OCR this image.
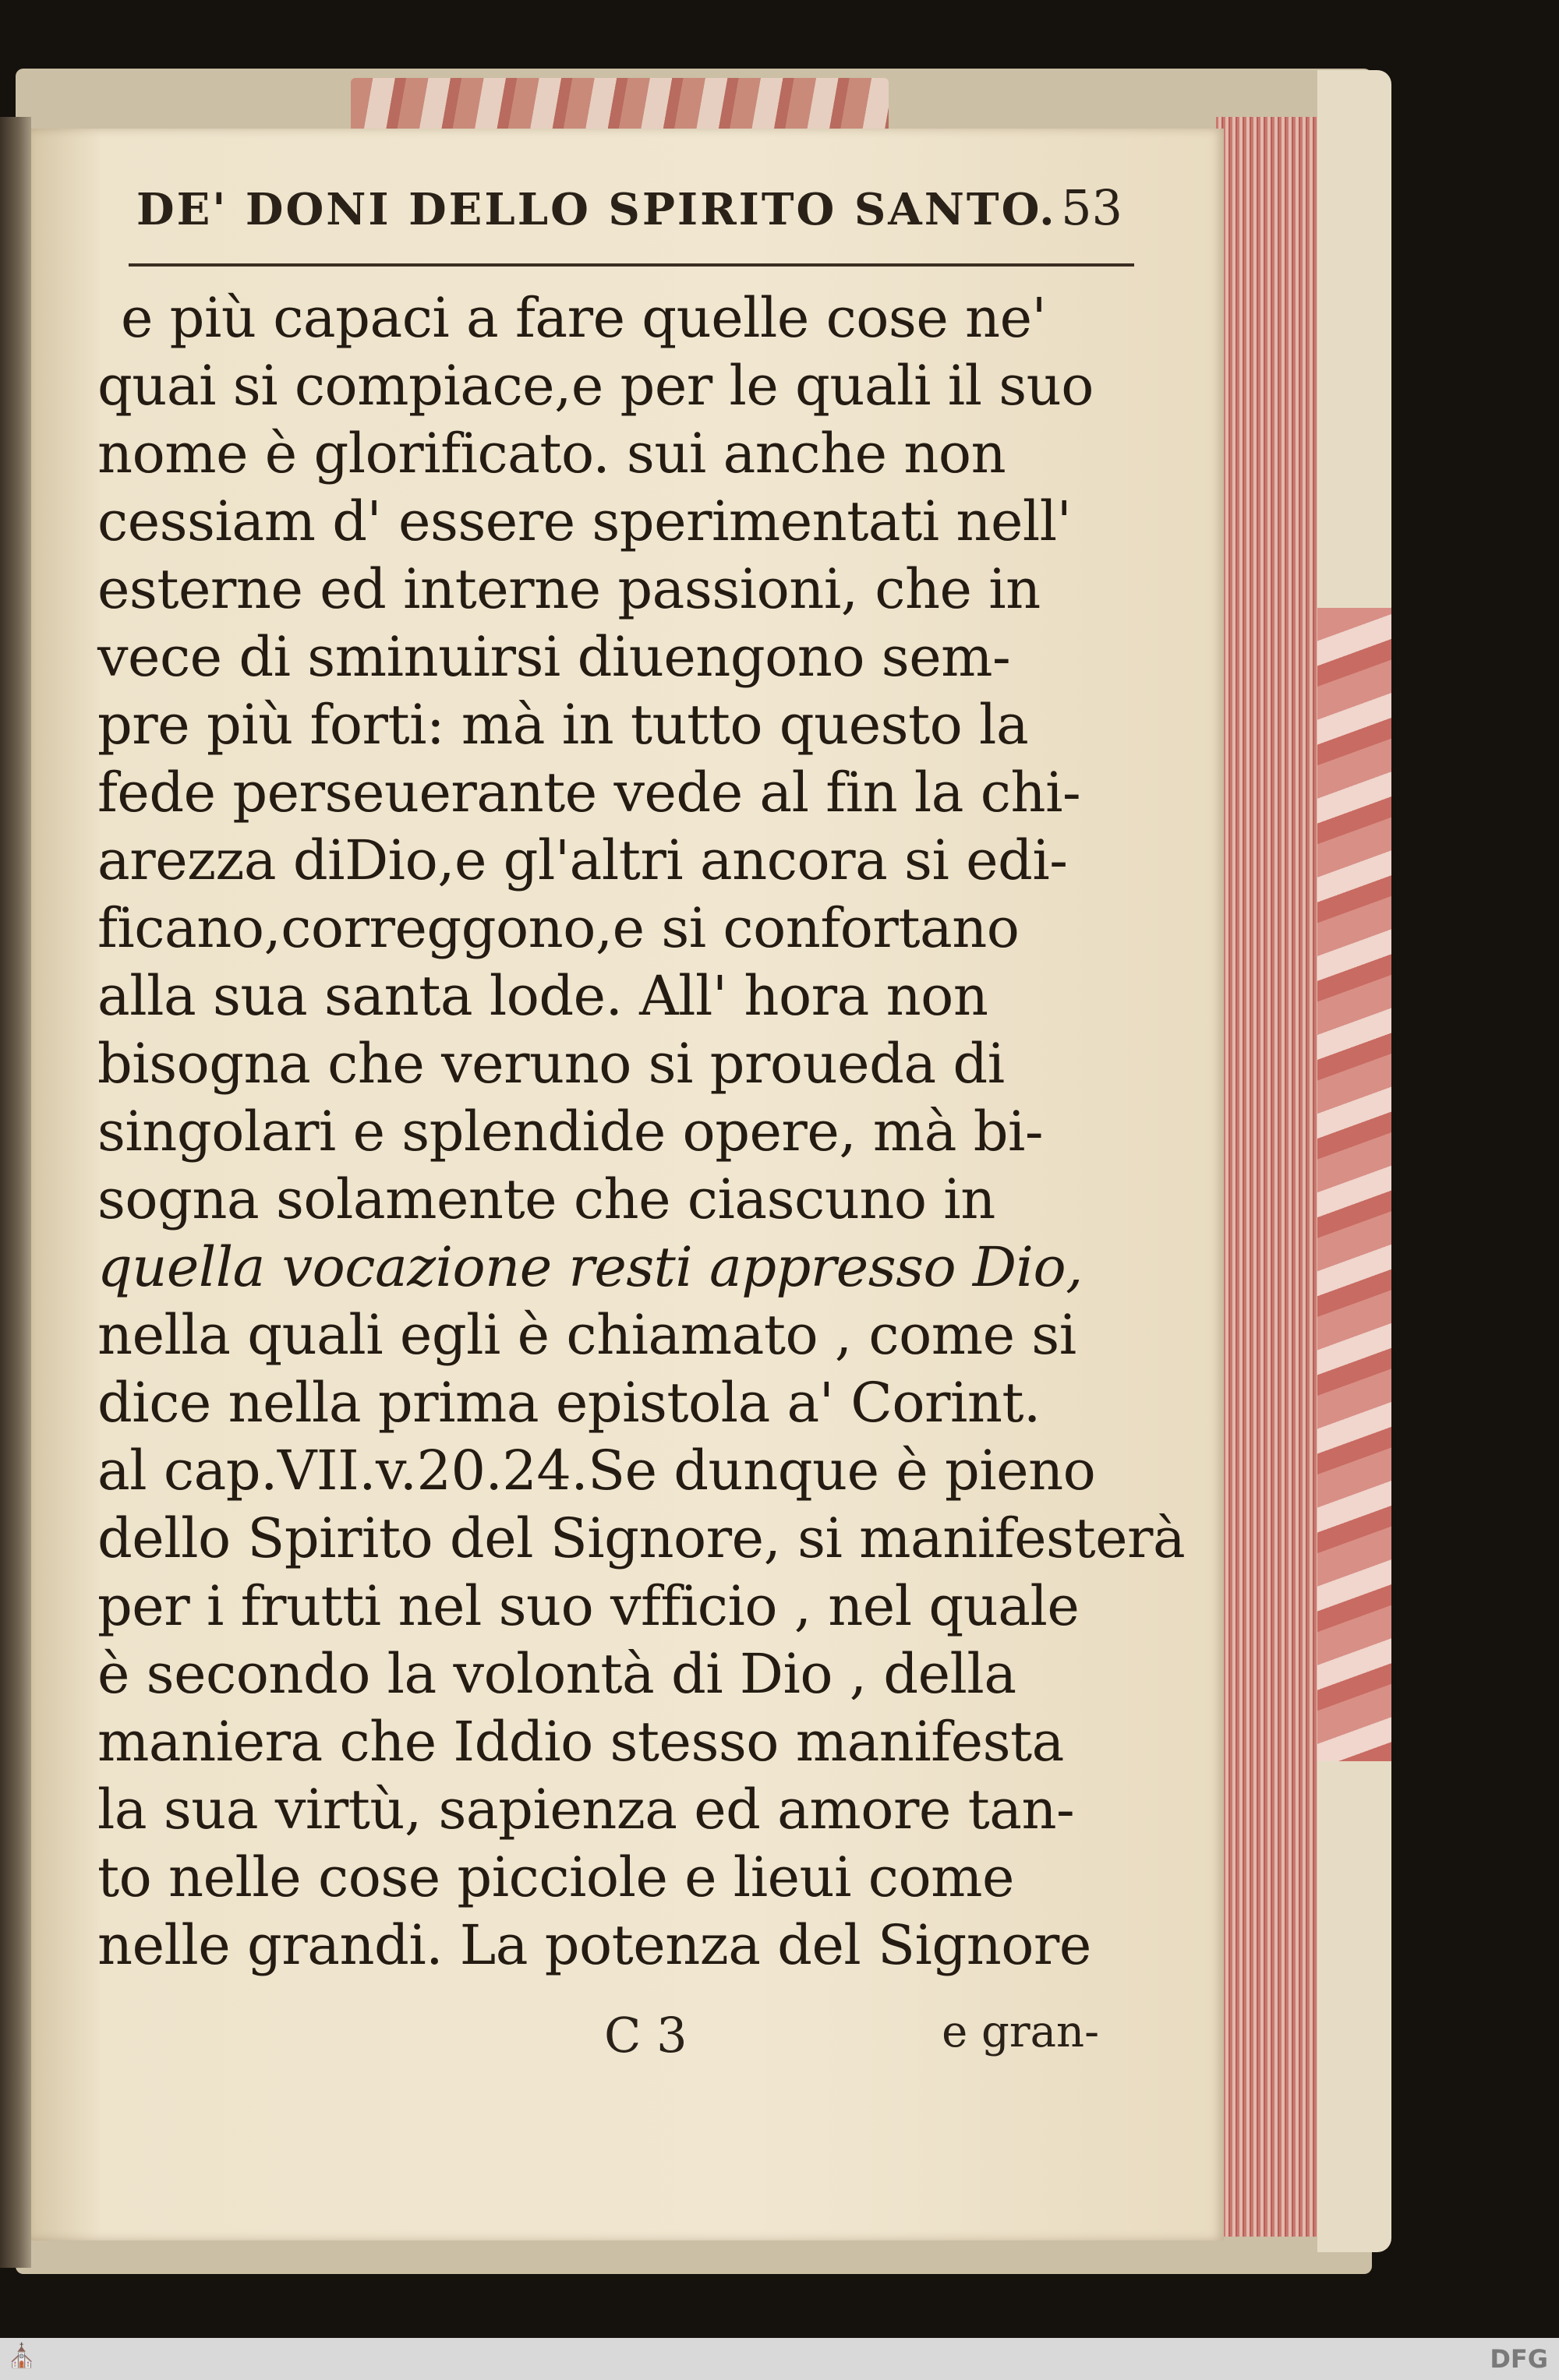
DE' DONI DELLO SPIRITO SANTO. 53
e più capaci a fare quelle cose ne'
quai si compiace,e per le quali il suo
nome è glorificato. sui anche non
cessiam d' essere sperimentati nell'
esterne ed interne passioni, che in
vece di sminuirsi diuengono sem-
pre più forti: mà in tutto questo la
fede perseuerante vede al fin la chi-
arezza diDio,e gl'altri ancora si edi-
ficano,correggono,e si confortano
alla sua santa lode. All' hora non
bisogna che veruno si proueda di
singolari e splendide opere, mà bi-
sogna solamente che ciascuno in
quella vocazione resti appresso Dio,
nella quali egli è chiamato , come si
dice nella prima epistola a' Corint.
al cap.VII.v.20.24.Se dunque è pieno
dello Spirito del Signore, si manifesterà
per i frutti nel suo vfficio , nel quale
è secondo la volontà di Dio , della
maniera che Iddio stesso manifesta
la sua virtù, sapienza ed amore tan-
to nelle cose picciole e lieui come
nelle grandi. La potenza del Signore
C 3	e gran-
⛪	DFG
